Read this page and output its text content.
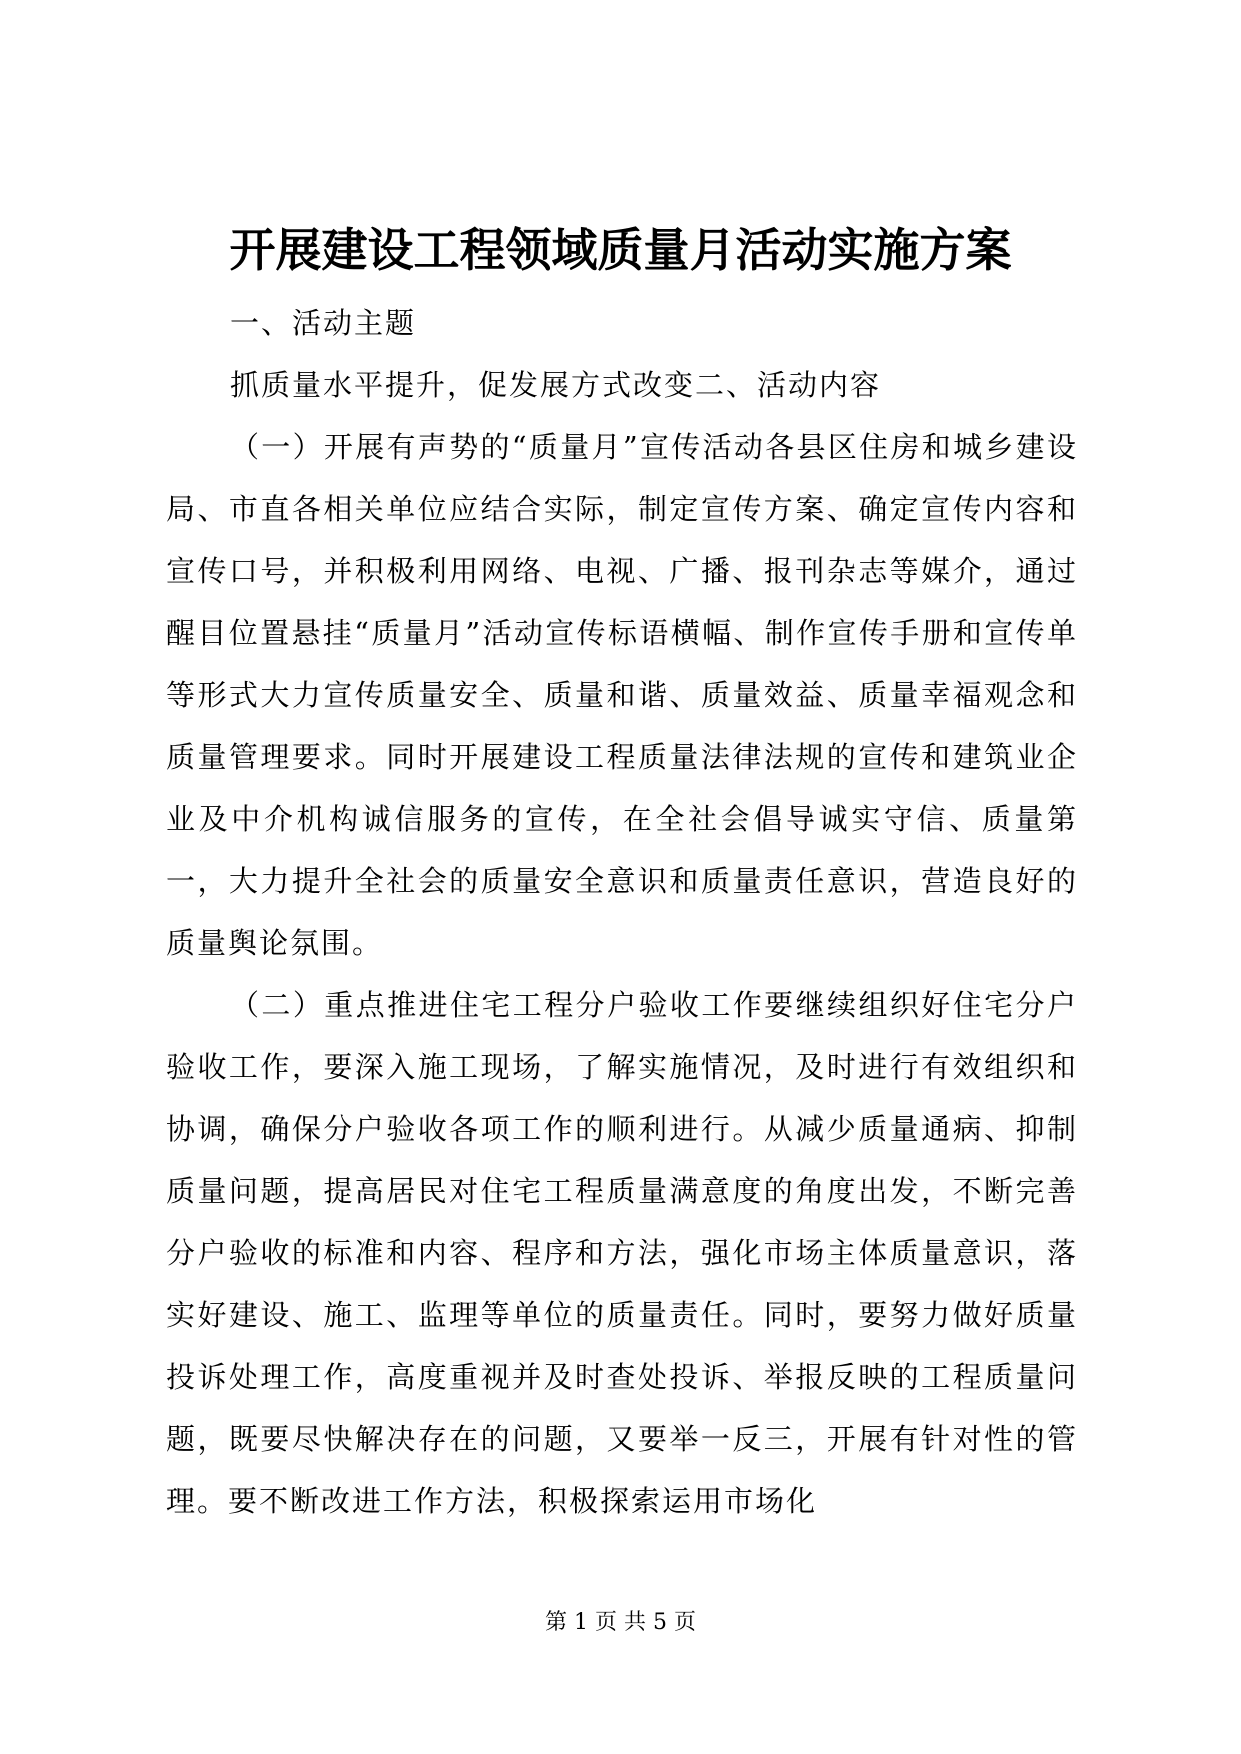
开展建设工程领域质量月活动实施方案

一、活动主题

抓质量水平提升，促发展方式改变二、活动内容

（一）开展有声势的“质量月”宣传活动各县区住房和城乡建设局、市直各相关单位应结合实际，制定宣传方案、确定宣传内容和宣传口号，并积极利用网络、电视、广播、报刊杂志等媒介，通过醒目位置悬挂“质量月”活动宣传标语横幅、制作宣传手册和宣传单等形式大力宣传质量安全、质量和谐、质量效益、质量幸福观念和质量管理要求。同时开展建设工程质量法律法规的宣传和建筑业企业及中介机构诚信服务的宣传，在全社会倡导诚实守信、质量第一，大力提升全社会的质量安全意识和质量责任意识，营造良好的质量舆论氛围。

（二）重点推进住宅工程分户验收工作要继续组织好住宅分户验收工作，要深入施工现场，了解实施情况，及时进行有效组织和协调，确保分户验收各项工作的顺利进行。从减少质量通病、抑制质量问题，提高居民对住宅工程质量满意度的角度出发，不断完善分户验收的标准和内容、程序和方法，强化市场主体质量意识，落实好建设、施工、监理等单位的质量责任。同时，要努力做好质量投诉处理工作，高度重视并及时查处投诉、举报反映的工程质量问题，既要尽快解决存在的问题，又要举一反三，开展有针对性的管理。要不断改进工作方法，积极探索运用市场化

第 1 页 共 5 页
